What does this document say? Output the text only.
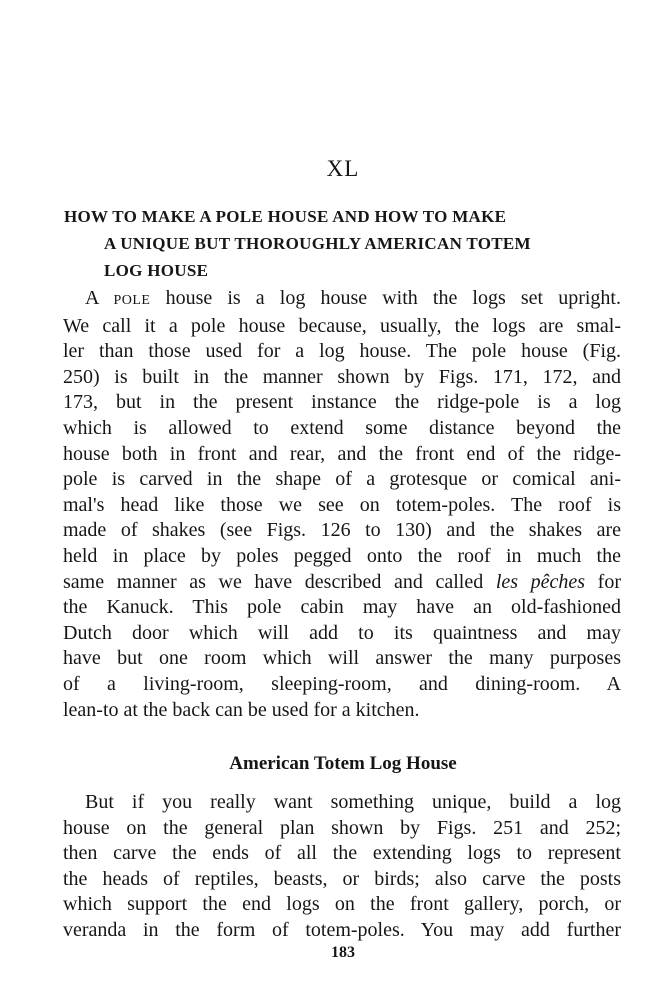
XL
HOW TO MAKE A POLE HOUSE AND HOW TO MAKE
A UNIQUE BUT THOROUGHLY AMERICAN TOTEM
LOG HOUSE
A POLE house is a log house with the logs set upright.
We call it a pole house because, usually, the logs are smal-
ler than those used for a log house. The pole house (Fig.
250) is built in the manner shown by Figs. 171, 172, and
173, but in the present instance the ridge-pole is a log
which is allowed to extend some distance beyond the
house both in front and rear, and the front end of the ridge-
pole is carved in the shape of a grotesque or comical ani-
mal's head like those we see on totem-poles. The roof is
made of shakes (see Figs. 126 to 130) and the shakes are
held in place by poles pegged onto the roof in much the
same manner as we have described and called les pêches for
the Kanuck. This pole cabin may have an old-fashioned
Dutch door which will add to its quaintness and may
have but one room which will answer the many purposes
of a living-room, sleeping-room, and dining-room. A
lean-to at the back can be used for a kitchen.
American Totem Log House
But if you really want something unique, build a log
house on the general plan shown by Figs. 251 and 252;
then carve the ends of all the extending logs to represent
the heads of reptiles, beasts, or birds; also carve the posts
which support the end logs on the front gallery, porch, or
veranda in the form of totem-poles. You may add further
183
